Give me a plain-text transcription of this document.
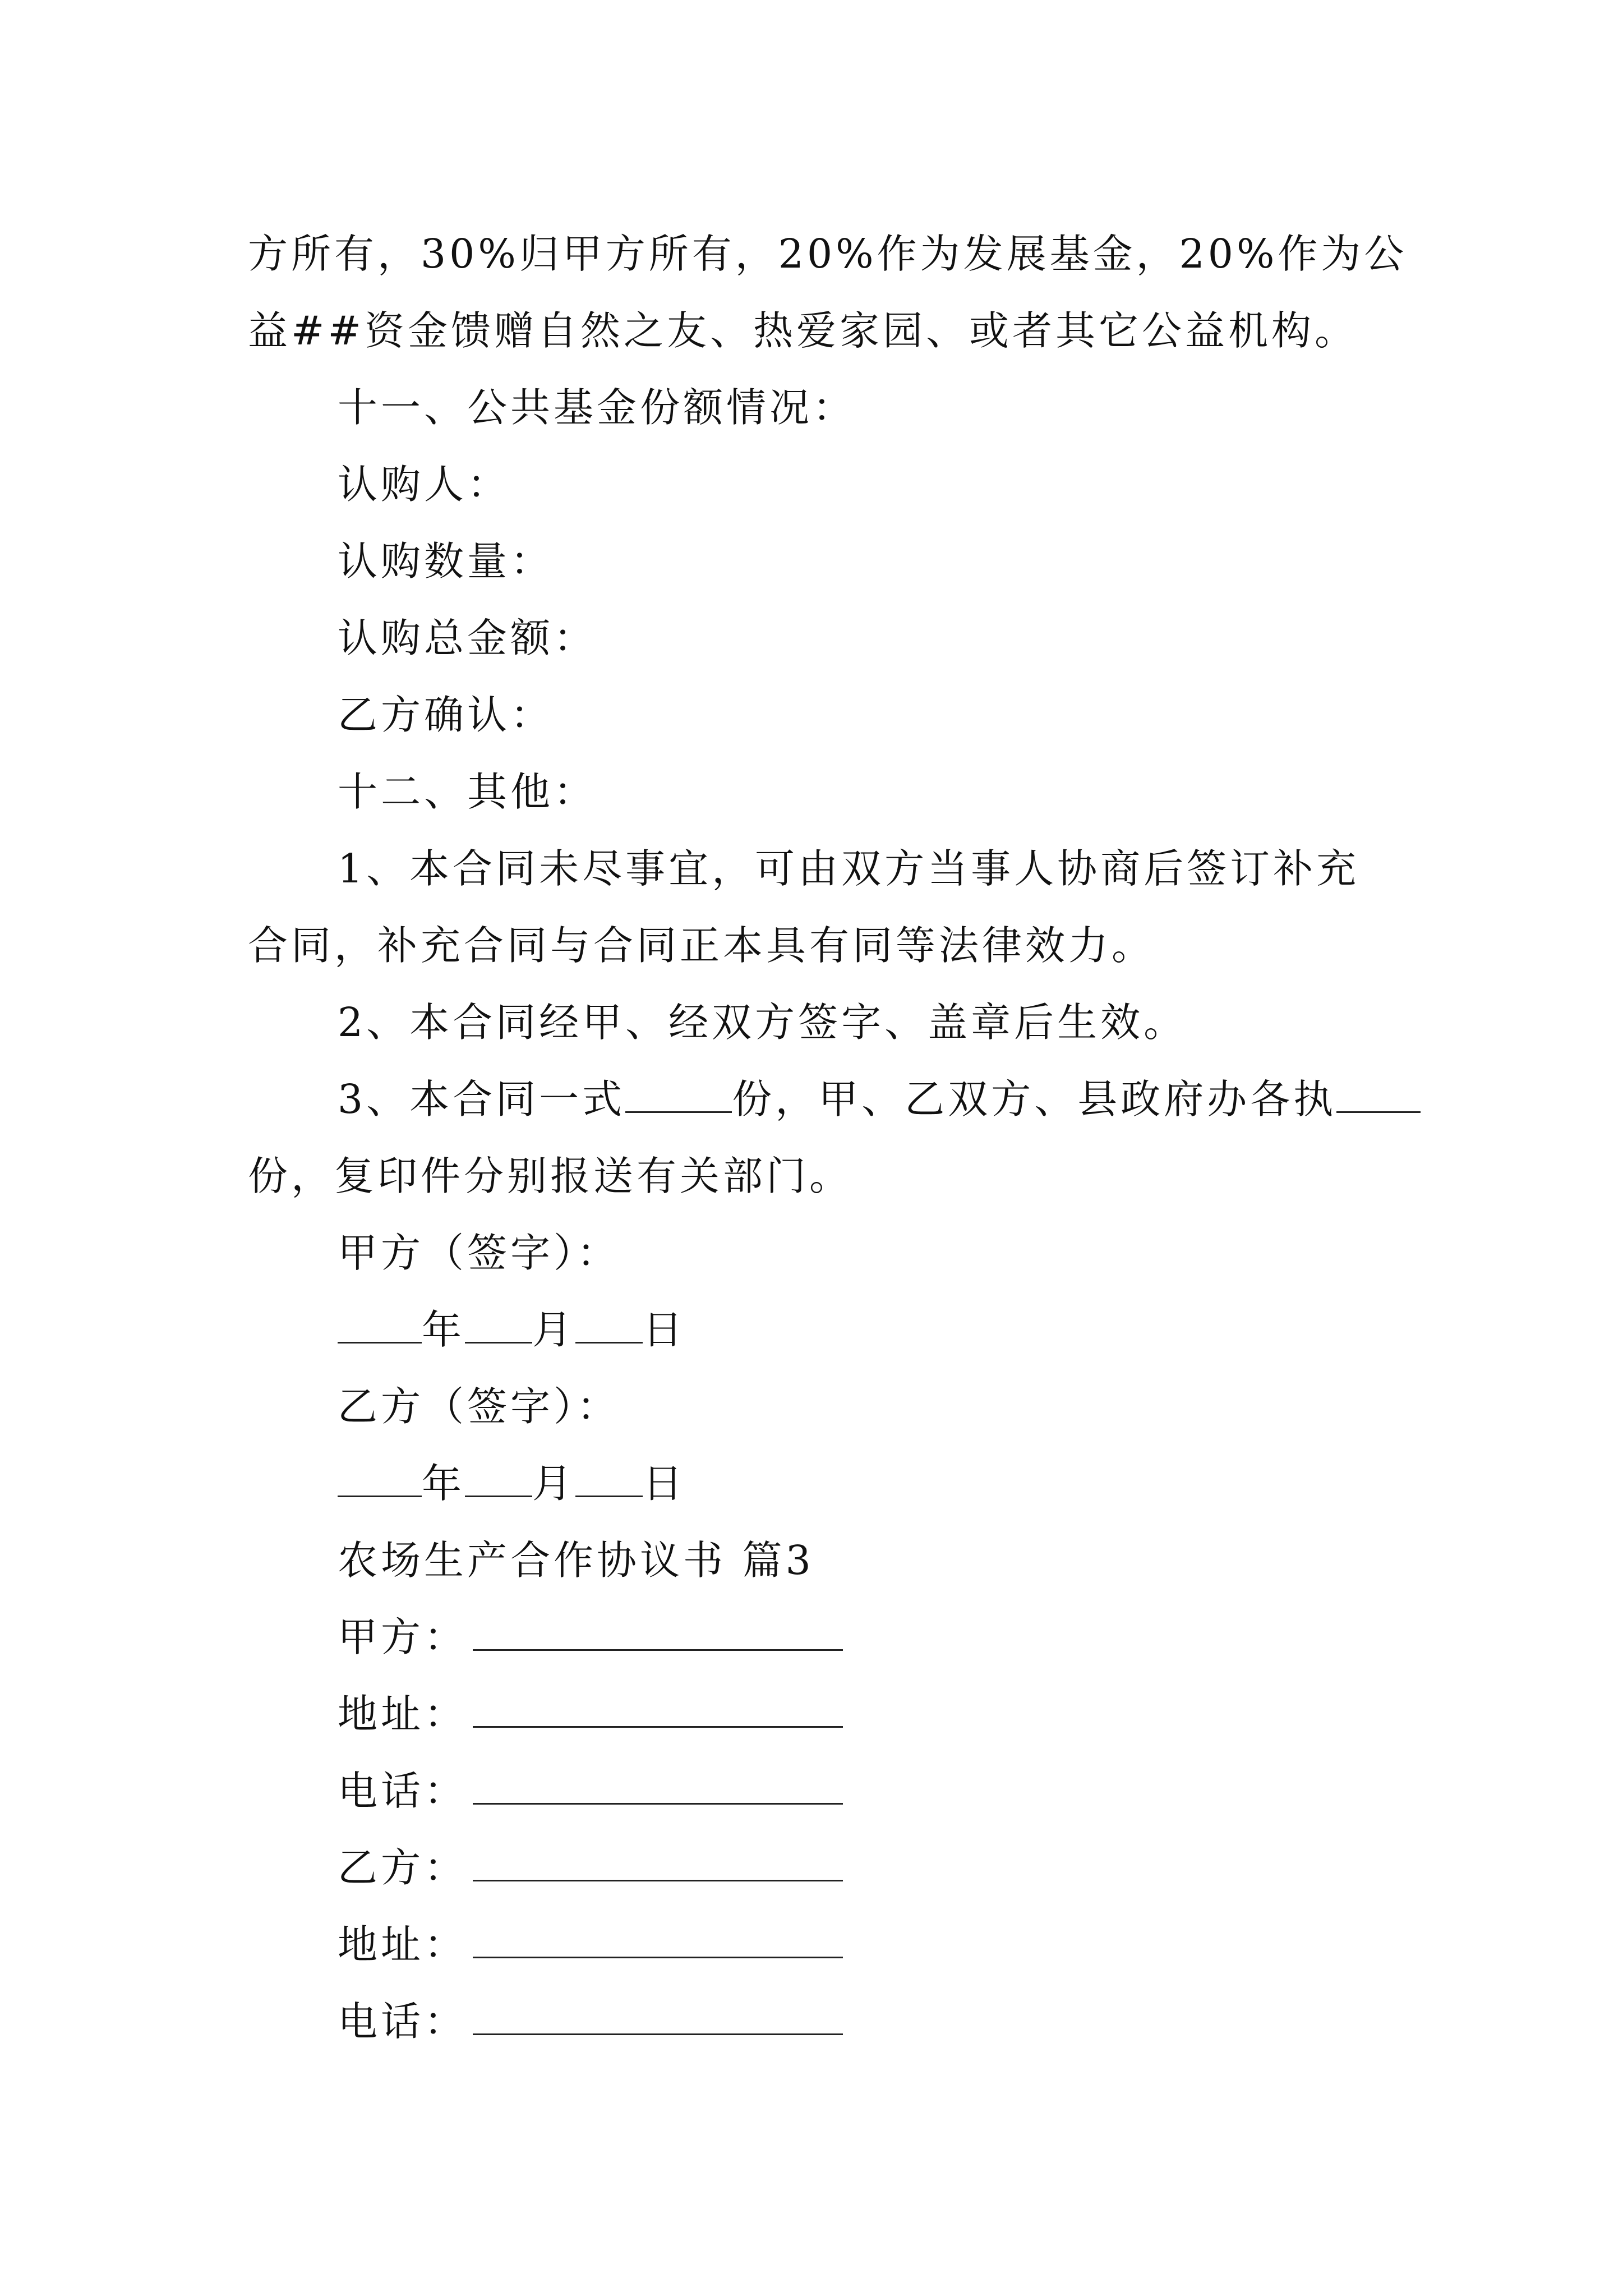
方所有，30%归甲方所有，20%作为发展基金，20%作为公
益##资金馈赠自然之友、热爱家园、或者其它公益机构。
十一、公共基金份额情况：
认购人：
认购数量：
认购总金额：
乙方确认：
十二、其他：
1、本合同未尽事宜，可由双方当事人协商后签订补充
合同，补充合同与合同正本具有同等法律效力。
2、本合同经甲、经双方签字、盖章后生效。
3、本合同一式	份，甲、乙双方、县政府办各执
份，复印件分别报送有关部门。
甲方（签字）：
年 月 日
乙方（签字）：
年 月 日
农场生产合作协议书 篇3
甲方：
地址：
电话：
乙方：
地址：
电话：
